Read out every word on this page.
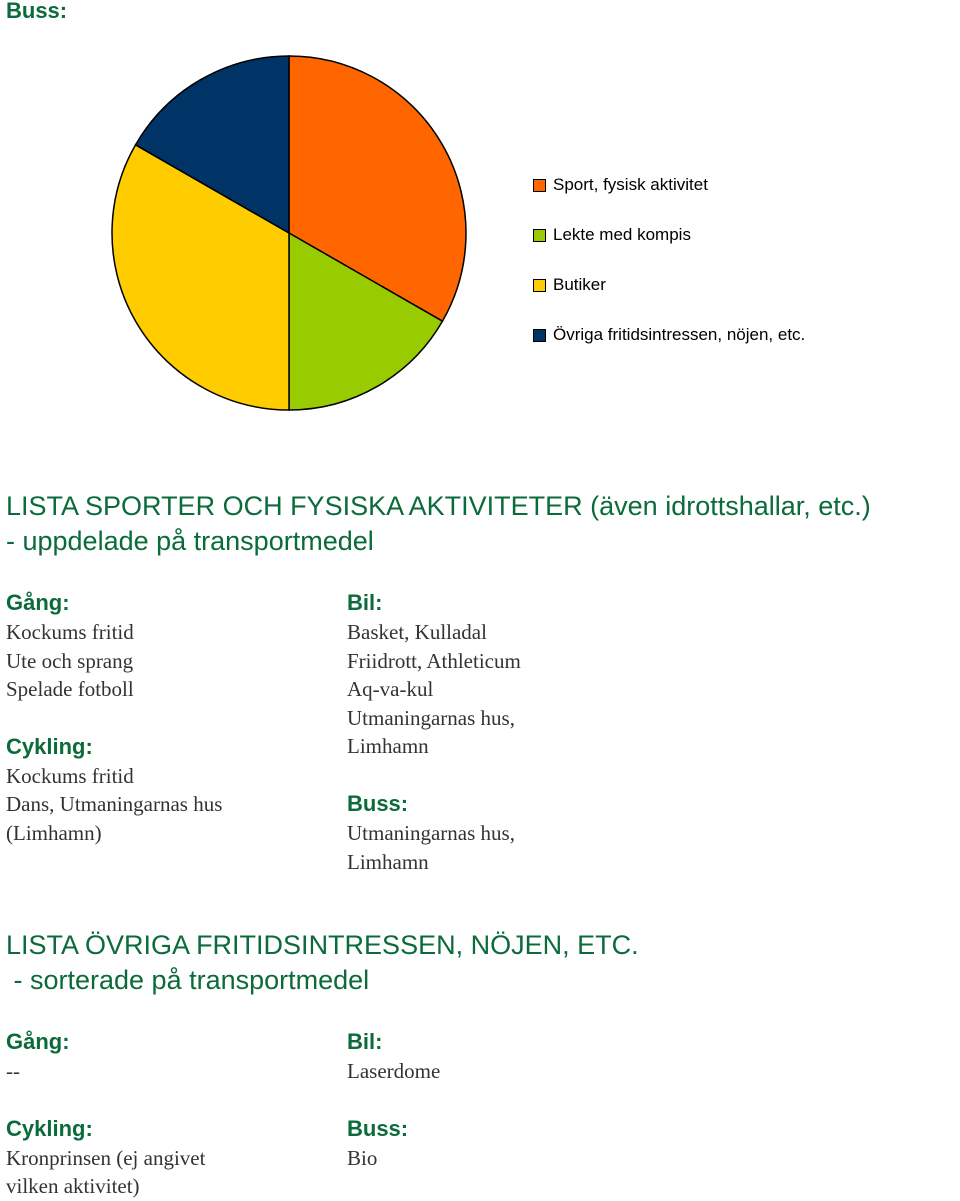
Buss:
Sport, fysisk aktivitet
Lekte med kompis
Butiker
Övriga fritidsintressen, nöjen, etc.
LISTA SPORTER OCH FYSISKA AKTIVITETER (även idrottshallar, etc.)
- uppdelade på transportmedel
Gång:
Kockums fritid
Ute och sprang
Spelade fotboll
Cykling:
Kockums fritid
Dans, Utmaningarnas hus
(Limhamn)
Bil:
Basket, Kulladal
Friidrott, Athleticum
Aq-va-kul
Utmaningarnas hus,
Limhamn
Buss:
Utmaningarnas hus,
Limhamn
LISTA ÖVRIGA FRITIDSINTRESSEN, NÖJEN, ETC.
- sorterade på transportmedel
Gång:
--
Cykling:
Kronprinsen (ej angivet
vilken aktivitet)
Bil:
Laserdome
Buss:
Bio
